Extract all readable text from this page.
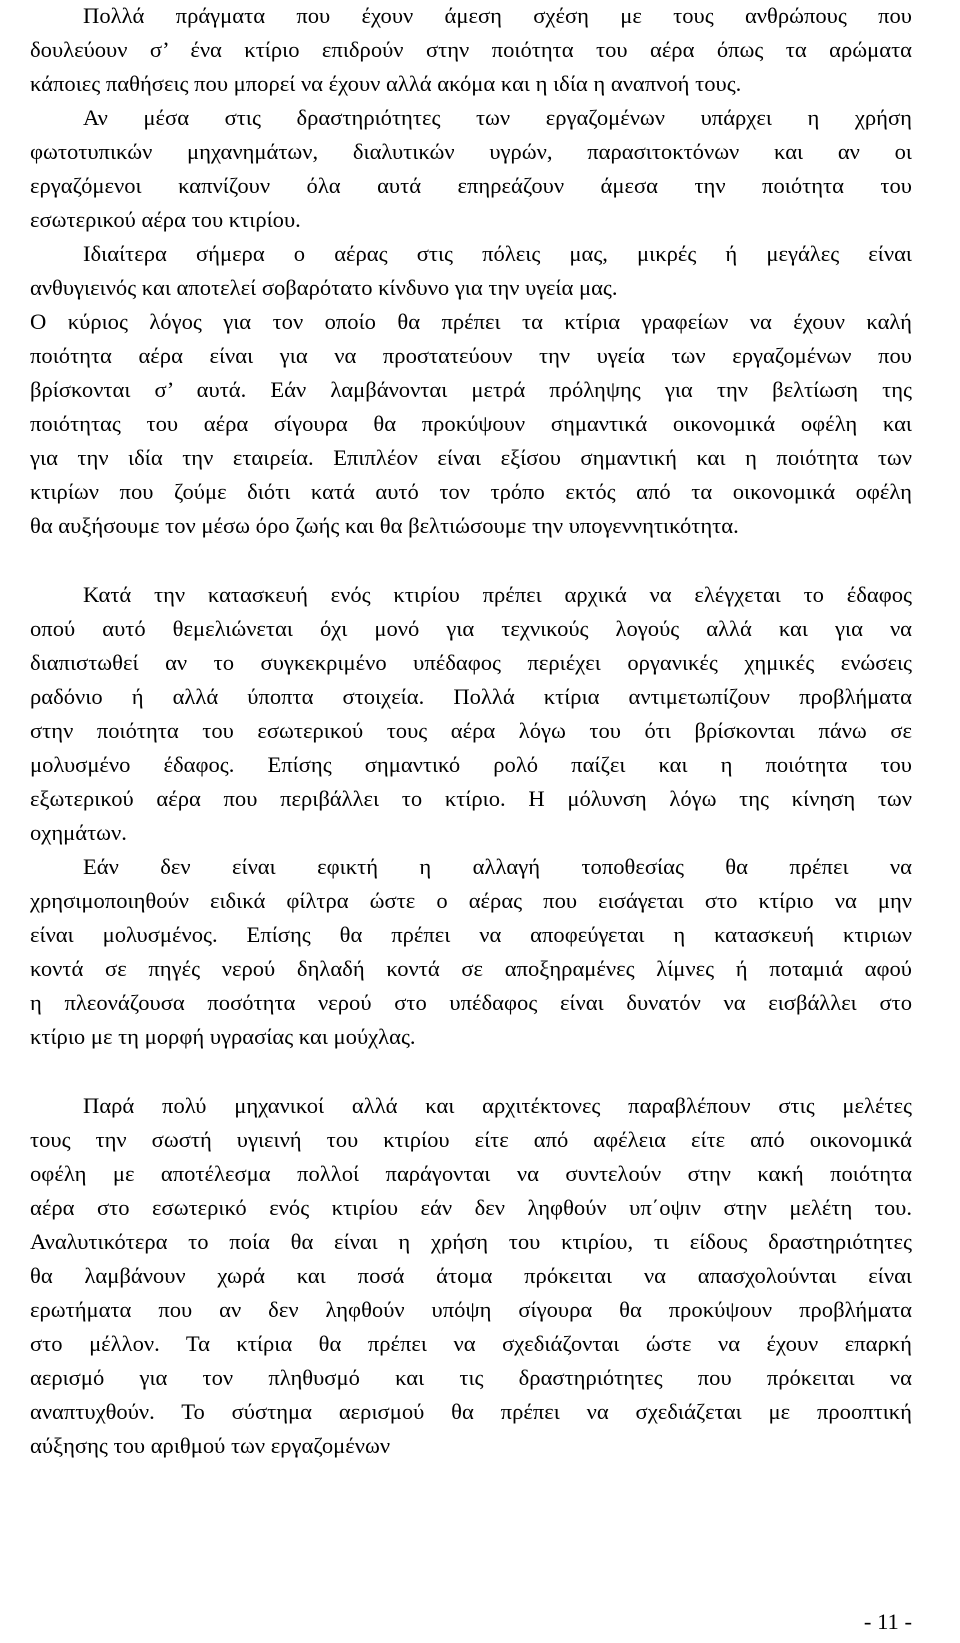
Πολλά πράγματα που έχουν άμεση σχέση με τους ανθρώπους που
δουλεύουν σ’ ένα κτίριο επιδρούν στην ποιότητα του αέρα όπως τα αρώματα
κάποιες παθήσεις που μπορεί να έχουν αλλά ακόμα και η ιδία η αναπνοή τους.
Αν μέσα στις δραστηριότητες των εργαζομένων υπάρχει η χρήση
φωτοτυπικών μηχανημάτων, διαλυτικών υγρών, παρασιτοκτόνων και αν οι
εργαζόμενοι καπνίζουν όλα αυτά επηρεάζουν άμεσα την ποιότητα του
εσωτερικού αέρα του κτιρίου.
Ιδιαίτερα σήμερα ο αέρας στις πόλεις μας, μικρές ή μεγάλες είναι
ανθυγιεινός και αποτελεί σοβαρότατο κίνδυνο για την υγεία μας.
Ο κύριος λόγος για τον οποίο θα πρέπει τα κτίρια γραφείων να έχουν καλή
ποιότητα αέρα είναι για να προστατεύουν την υγεία των εργαζομένων που
βρίσκονται σ’ αυτά. Εάν λαμβάνονται μετρά πρόληψης για την βελτίωση της
ποιότητας του αέρα σίγουρα θα προκύψουν σημαντικά οικονομικά οφέλη και
για την ιδία την εταιρεία. Επιπλέον είναι εξίσου σημαντική και η ποιότητα των
κτιρίων που ζούμε διότι κατά αυτό τον τρόπο εκτός από τα οικονομικά οφέλη
θα αυξήσουμε τον μέσω όρο ζωής και θα βελτιώσουμε την υπογεννητικότητα.
Κατά την κατασκευή ενός κτιρίου πρέπει αρχικά να ελέγχεται το έδαφος
οπού αυτό θεμελιώνεται όχι μονό για τεχνικούς λογούς αλλά και για να
διαπιστωθεί αν το συγκεκριμένο υπέδαφος περιέχει οργανικές χημικές ενώσεις
ραδόνιο ή αλλά ύποπτα στοιχεία. Πολλά κτίρια αντιμετωπίζουν προβλήματα
στην ποιότητα του εσωτερικού τους αέρα λόγω του ότι βρίσκονται πάνω σε
μολυσμένο έδαφος. Επίσης σημαντικό ρολό παίζει και η ποιότητα του
εξωτερικού αέρα που περιβάλλει το κτίριο. Η μόλυνση λόγω της κίνηση των
οχημάτων.
Εάν δεν είναι εφικτή η αλλαγή τοποθεσίας θα πρέπει να
χρησιμοποιηθούν ειδικά φίλτρα ώστε ο αέρας που εισάγεται στο κτίριο να μην
είναι μολυσμένος. Επίσης θα πρέπει να αποφεύγεται η κατασκευή κτιριων
κοντά σε πηγές νερού δηλαδή κοντά σε αποξηραμένες λίμνες ή ποταμιά αφού
η πλεονάζουσα ποσότητα νερού στο υπέδαφος είναι δυνατόν να εισβάλλει στο
κτίριο με τη μορφή υγρασίας και μούχλας.
Παρά πολύ μηχανικοί αλλά και αρχιτέκτονες παραβλέπουν στις μελέτες
τους την σωστή υγιεινή του κτιρίου είτε από αφέλεια είτε από οικονομικά
οφέλη με αποτέλεσμα πολλοί παράγονται να συντελούν στην κακή ποιότητα
αέρα στο εσωτερικό ενός κτιρίου εάν δεν ληφθούν υπ΄οψιν στην μελέτη του.
Αναλυτικότερα το ποία θα είναι η χρήση του κτιρίου, τι είδους δραστηριότητες
θα λαμβάνουν χωρά και ποσά άτομα πρόκειται να απασχολούνται είναι
ερωτήματα που αν δεν ληφθούν υπόψη σίγουρα θα προκύψουν προβλήματα
στο μέλλον. Τα κτίρια θα πρέπει να σχεδιάζονται ώστε να έχουν επαρκή
αερισμό για τον πληθυσμό και τις δραστηριότητες που πρόκειται να
αναπτυχθούν. Το σύστημα αερισμού θα πρέπει να σχεδιάζεται με προοπτική
αύξησης του αριθμού των εργαζομένων
- 11 -
